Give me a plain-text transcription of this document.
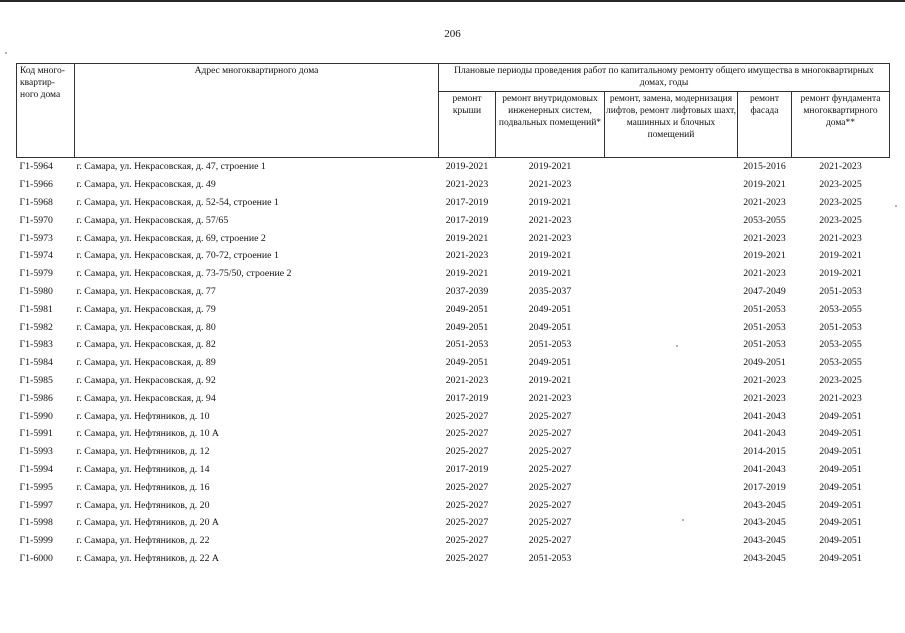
206
Код много-квартир-ного дома	Адрес многоквартирного дома	Плановые периоды проведения работ по капитальному ремонту общего имущества в многоквартирных домах, годы				
		ремонт крыши	ремонт внутридомовых инженерных систем, подвальных помещений*	ремонт, замена, модернизация лифтов, ремонт лифтовых шахт, машинных и блочных помещений	ремонт фасада	ремонт фундамента многоквартирного дома**
Г1-5964	г. Самара, ул. Некрасовская, д. 47, строение 1	2019-2021	2019-2021		2015-2016	2021-2023
Г1-5966	г. Самара, ул. Некрасовская, д. 49	2021-2023	2021-2023		2019-2021	2023-2025
Г1-5968	г. Самара, ул. Некрасовская, д. 52-54, строение 1	2017-2019	2019-2021		2021-2023	2023-2025
Г1-5970	г. Самара, ул. Некрасовская, д. 57/65	2017-2019	2021-2023		2053-2055	2023-2025
Г1-5973	г. Самара, ул. Некрасовская, д. 69, строение 2	2019-2021	2021-2023		2021-2023	2021-2023
Г1-5974	г. Самара, ул. Некрасовская, д. 70-72, строение 1	2021-2023	2019-2021		2019-2021	2019-2021
Г1-5979	г. Самара, ул. Некрасовская, д. 73-75/50, строение 2	2019-2021	2019-2021		2021-2023	2019-2021
Г1-5980	г. Самара, ул. Некрасовская, д. 77	2037-2039	2035-2037		2047-2049	2051-2053
Г1-5981	г. Самара, ул. Некрасовская, д. 79	2049-2051	2049-2051		2051-2053	2053-2055
Г1-5982	г. Самара, ул. Некрасовская, д. 80	2049-2051	2049-2051		2051-2053	2051-2053
Г1-5983	г. Самара, ул. Некрасовская, д. 82	2051-2053	2051-2053		2051-2053	2053-2055
Г1-5984	г. Самара, ул. Некрасовская, д. 89	2049-2051	2049-2051		2049-2051	2053-2055
Г1-5985	г. Самара, ул. Некрасовская, д. 92	2021-2023	2019-2021		2021-2023	2023-2025
Г1-5986	г. Самара, ул. Некрасовская, д. 94	2017-2019	2021-2023		2021-2023	2021-2023
Г1-5990	г. Самара, ул. Нефтяников, д. 10	2025-2027	2025-2027		2041-2043	2049-2051
Г1-5991	г. Самара, ул. Нефтяников, д. 10 А	2025-2027	2025-2027		2041-2043	2049-2051
Г1-5993	г. Самара, ул. Нефтяников, д. 12	2025-2027	2025-2027		2014-2015	2049-2051
Г1-5994	г. Самара, ул. Нефтяников, д. 14	2017-2019	2025-2027		2041-2043	2049-2051
Г1-5995	г. Самара, ул. Нефтяников, д. 16	2025-2027	2025-2027		2017-2019	2049-2051
Г1-5997	г. Самара, ул. Нефтяников, д. 20	2025-2027	2025-2027		2043-2045	2049-2051
Г1-5998	г. Самара, ул. Нефтяников, д. 20 А	2025-2027	2025-2027		2043-2045	2049-2051
Г1-5999	г. Самара, ул. Нефтяников, д. 22	2025-2027	2025-2027		2043-2045	2049-2051
Г1-6000	г. Самара, ул. Нефтяников, д. 22 А	2025-2027	2051-2053		2043-2045	2049-2051
